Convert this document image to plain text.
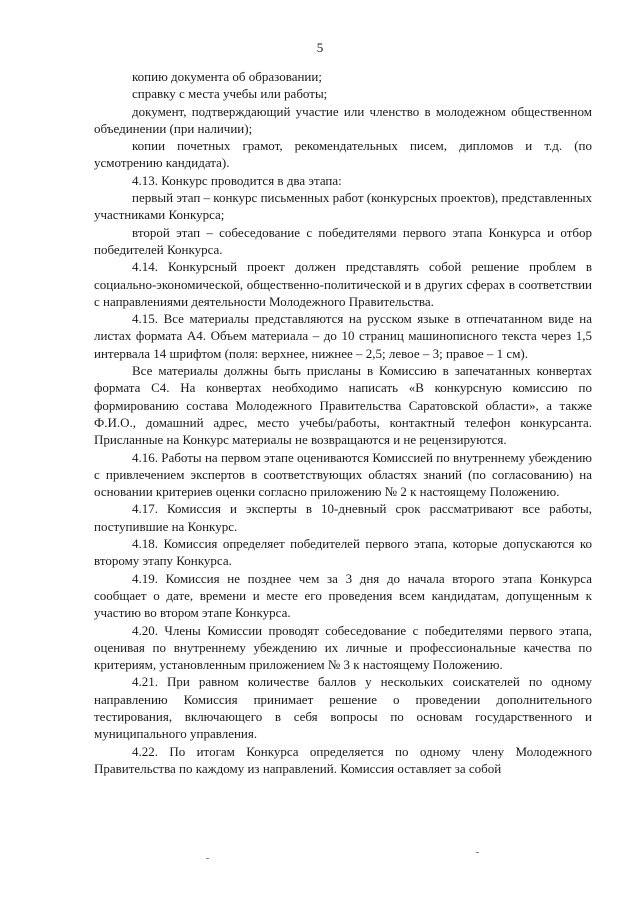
5

копию документа об образовании;

справку с места учебы или работы;

документ, подтверждающий участие или членство в молодежном общественном объединении (при наличии);

копии почетных грамот, рекомендательных писем, дипломов и т.д. (по усмотрению кандидата).

4.13. Конкурс проводится в два этапа:

первый этап – конкурс письменных работ (конкурсных проектов), представленных участниками Конкурса;

второй этап – собеседование с победителями первого этапа Конкурса и отбор победителей Конкурса.

4.14. Конкурсный проект должен представлять собой решение проблем в социально-экономической, общественно-политической и в других сферах в соответствии с направлениями деятельности Молодежного Правительства.

4.15. Все материалы представляются на русском языке в отпечатанном виде на листах формата А4. Объем материала – до 10 страниц машинописного текста через 1,5 интервала 14 шрифтом (поля: верхнее, нижнее – 2,5; левое – 3; правое – 1 см).

Все материалы должны быть присланы в Комиссию в запечатанных конвертах формата С4. На конвертах необходимо написать «В конкурсную комиссию по формированию состава Молодежного Правительства Саратовской области», а также Ф.И.О., домашний адрес, место учебы/работы, контактный телефон конкурсанта. Присланные на Конкурс материалы не возвращаются и не рецензируются.

4.16. Работы на первом этапе оцениваются Комиссией по внутреннему убеждению с привлечением экспертов в соответствующих областях знаний (по согласованию) на основании критериев оценки согласно приложению № 2 к настоящему Положению.

4.17. Комиссия и эксперты в 10-дневный срок рассматривают все работы, поступившие на Конкурс.

4.18. Комиссия определяет победителей первого этапа, которые допускаются ко второму этапу Конкурса.

4.19. Комиссия не позднее чем за 3 дня до начала второго этапа Конкурса сообщает о дате, времени и месте его проведения всем кандидатам, допущенным к участию во втором этапе Конкурса.

4.20. Члены Комиссии проводят собеседование с победителями первого этапа, оценивая по внутреннему убеждению их личные и профессиональные качества по критериям, установленным приложением № 3 к настоящему Положению.

4.21. При равном количестве баллов у нескольких соискателей по одному направлению Комиссия принимает решение о проведении дополнительного тестирования, включающего в себя вопросы по основам государственного и муниципального управления.

4.22. По итогам Конкурса определяется по одному члену Молодежного Правительства по каждому из направлений. Комиссия оставляет за собой
